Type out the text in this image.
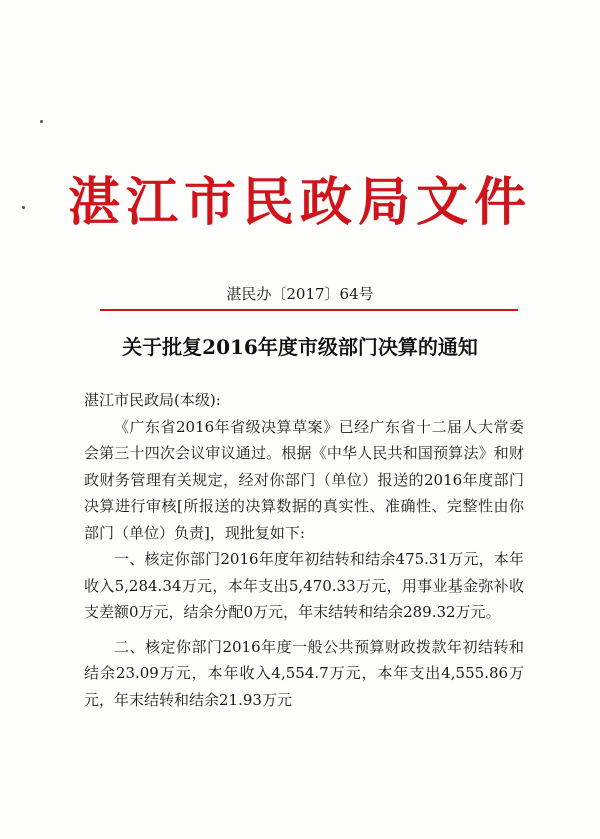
湛江市民政局文件
湛民办〔2017〕64号
关于批复2016年度市级部门决算的通知

湛江市民政局(本级):

《广东省2016年省级决算草案》已经广东省十二届人大常委会第三十四次会议审议通过。根据《中华人民共和国预算法》和财政财务管理有关规定，经对你部门（单位）报送的2016年度部门决算进行审核[所报送的决算数据的真实性、准确性、完整性由你部门（单位）负责]，现批复如下:

一、核定你部门2016年度年初结转和结余475.31万元，本年收入5,284.34万元，本年支出5,470.33万元，用事业基金弥补收支差额0万元，结余分配0万元，年末结转和结余289.32万元。

二、核定你部门2016年度一般公共预算财政拨款年初结转和结余23.09万元，本年收入4,554.7万元，本年支出4,555.86万元，年末结转和结余21.93万元
